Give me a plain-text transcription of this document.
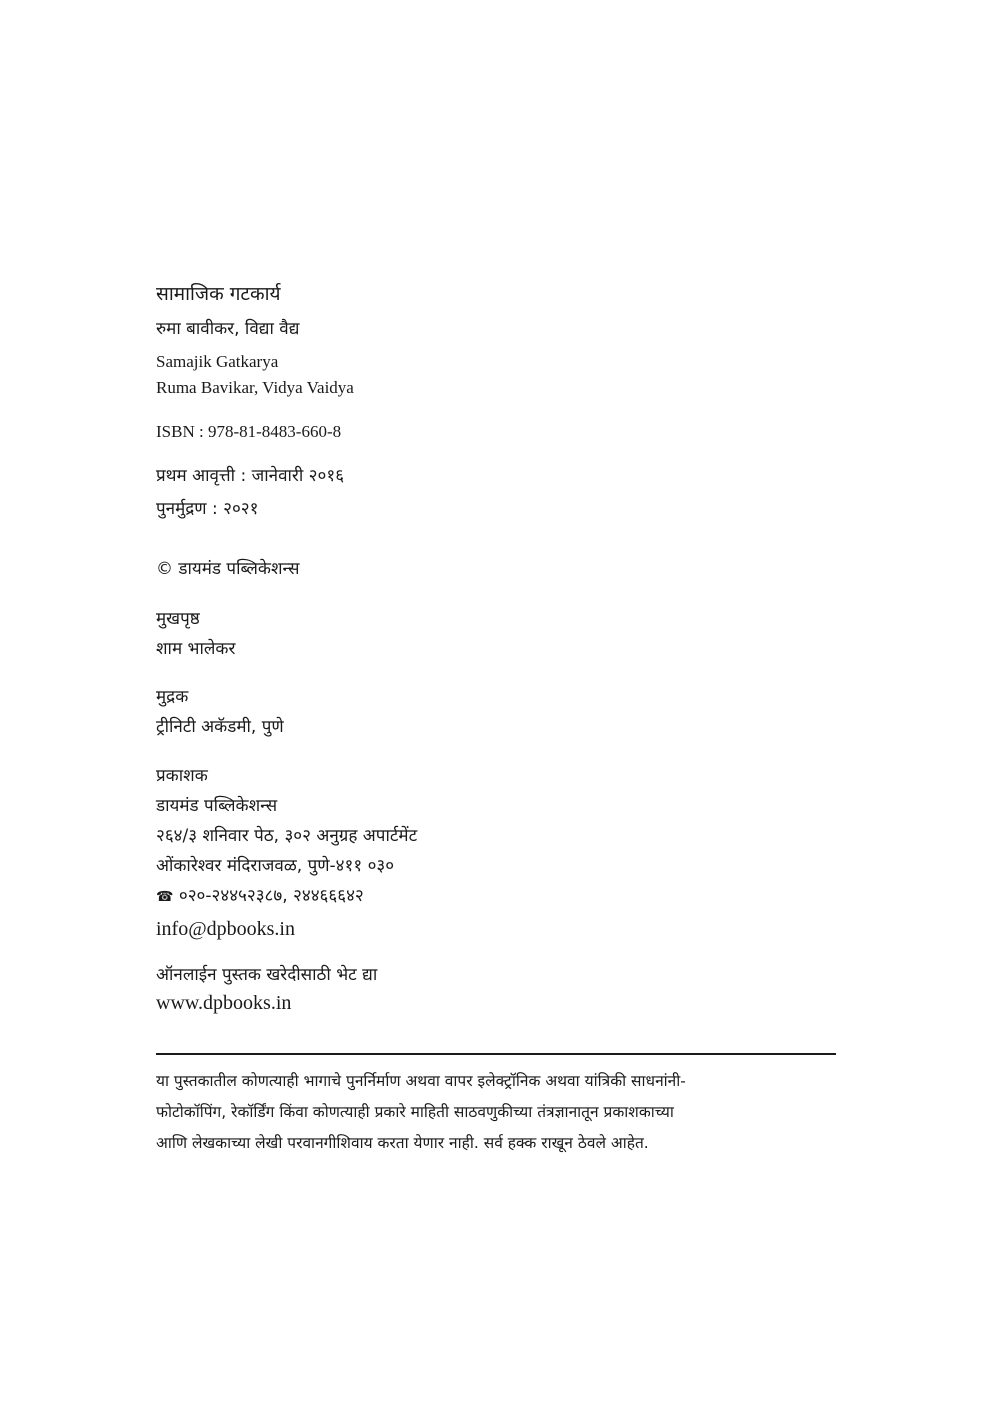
सामाजिक गटकार्य
रुमा बावीकर, विद्या वैद्य
Samajik Gatkarya
Ruma Bavikar, Vidya Vaidya
ISBN : 978-81-8483-660-8
प्रथम आवृत्ती : जानेवारी २०१६
पुनर्मुद्रण : २०२१
© डायमंड पब्लिकेशन्स
मुखपृष्ठ
शाम भालेकर
मुद्रक
ट्रीनिटी अकॅडमी, पुणे
प्रकाशक
डायमंड पब्लिकेशन्स
२६४/३ शनिवार पेठ, ३०२ अनुग्रह अपार्टमेंट
ओंकारेश्वर मंदिराजवळ, पुणे-४११ ०३०
☎ ०२०-२४४५२३८७, २४४६६६४२
info@dpbooks.in
ऑनलाईन पुस्तक खरेदीसाठी भेट द्या
www.dpbooks.in
या पुस्तकातील कोणत्याही भागाचे पुनर्निर्माण अथवा वापर इलेक्ट्रॉनिक अथवा यांत्रिकी साधनांनी-
फोटोकॉपिंग, रेकॉर्डिंग किंवा कोणत्याही प्रकारे माहिती साठवणुकीच्या तंत्रज्ञानातून प्रकाशकाच्या
आणि लेखकाच्या लेखी परवानगीशिवाय करता येणार नाही. सर्व हक्क राखून ठेवले आहेत.
